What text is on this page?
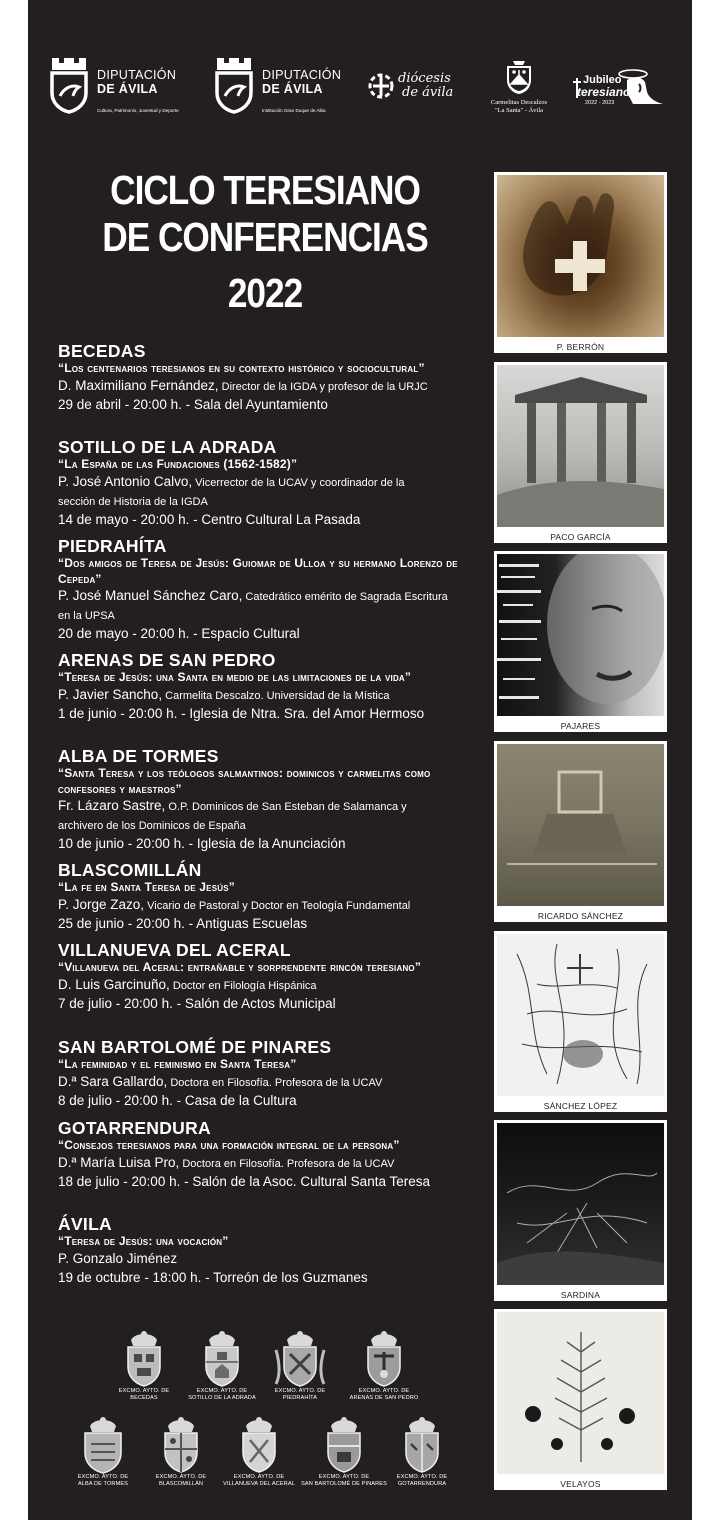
DIPUTACIÓN
DE ÁVILA
Cultura, Patrimonio, Juventud y Deporte
DIPUTACIÓN
DE ÁVILA
Institución Gran Duque de Alba
diócesis
de ávila
Carmelitas Descalzos
"La Santa" - Ávila
Jubileo
teresiano
2022 - 2023
CICLO TERESIANO
DE CONFERENCIAS
2022
BECEDAS
“Los centenarios teresianos en su contexto histórico y sociocultural”
D. Maximiliano Fernández, Director de la IGDA y profesor de la URJC
29 de abril - 20:00 h. - Sala del Ayuntamiento
SOTILLO DE LA ADRADA
“La España de las Fundaciones (1562-1582)”
P. José Antonio Calvo, Vicerrector de la UCAV y coordinador de la sección de Historia de la IGDA
14 de mayo - 20:00 h. - Centro Cultural La Pasada
PIEDRAHÍTA
“Dos amigos de Teresa de Jesús: Guiomar de Ulloa y su hermano Lorenzo de Cepeda”
P. José Manuel Sánchez Caro, Catedrático emérito de Sagrada Escritura en la UPSA
20 de mayo - 20:00 h. - Espacio Cultural
ARENAS DE SAN PEDRO
“Teresa de Jesús: una Santa en medio de las limitaciones de la vida”
P. Javier Sancho, Carmelita Descalzo. Universidad de la Mística
1 de junio - 20:00 h. - Iglesia de Ntra. Sra. del Amor Hermoso
ALBA DE TORMES
“Santa Teresa y los teólogos salmantinos: dominicos y carmelitas como confesores y maestros”
Fr. Lázaro Sastre, O.P. Dominicos de San Esteban de Salamanca y archivero de los Dominicos de España
10 de junio - 20:00 h. - Iglesia de la Anunciación
BLASCOMILLÁN
“La fe en Santa Teresa de Jesús”
P. Jorge Zazo, Vicario de Pastoral y Doctor en Teología Fundamental
25 de junio - 20:00 h. - Antiguas Escuelas
VILLANUEVA DEL ACERAL
“Villanueva del Aceral: entrañable y sorprendente rincón teresiano”
D. Luis Garcinuño, Doctor en Filología Hispánica
7 de julio - 20:00 h. - Salón de Actos Municipal
SAN BARTOLOMÉ DE PINARES
“La feminidad y el feminismo en Santa Teresa”
D.ª Sara Gallardo, Doctora en Filosofía. Profesora de la UCAV
8 de julio - 20:00 h. - Casa de la Cultura
GOTARRENDURA
“Consejos teresianos para una formación integral de la persona”
D.ª María Luisa Pro, Doctora en Filosofía. Profesora de la UCAV
18 de julio - 20:00 h. - Salón de la Asoc. Cultural Santa Teresa
ÁVILA
“Teresa de Jesús: una vocación”
P. Gonzalo Jiménez
19 de octubre - 18:00 h. - Torreón de los Guzmanes
P. BERRÓN
PACO GARCÍA
PAJARES
RICARDO SÁNCHEZ
SÁNCHEZ LÓPEZ
SARDINA
VELAYOS
EXCMO. AYTO. DE
BECEDAS
EXCMO. AYTO. DE
SOTILLO DE LA ADRADA
EXCMO. AYTO. DE
PIEDRAHÍTA
EXCMO. AYTO. DE
ARENAS DE SAN PEDRO
EXCMO. AYTO. DE
ALBA DE TORMES
EXCMO. AYTO. DE
BLASCOMILLÁN
EXCMO. AYTO. DE
VILLANUEVA DEL ACERAL
EXCMO. AYTO. DE
SAN BARTOLOMÉ DE PINARES
EXCMO. AYTO. DE
GOTARRENDURA
